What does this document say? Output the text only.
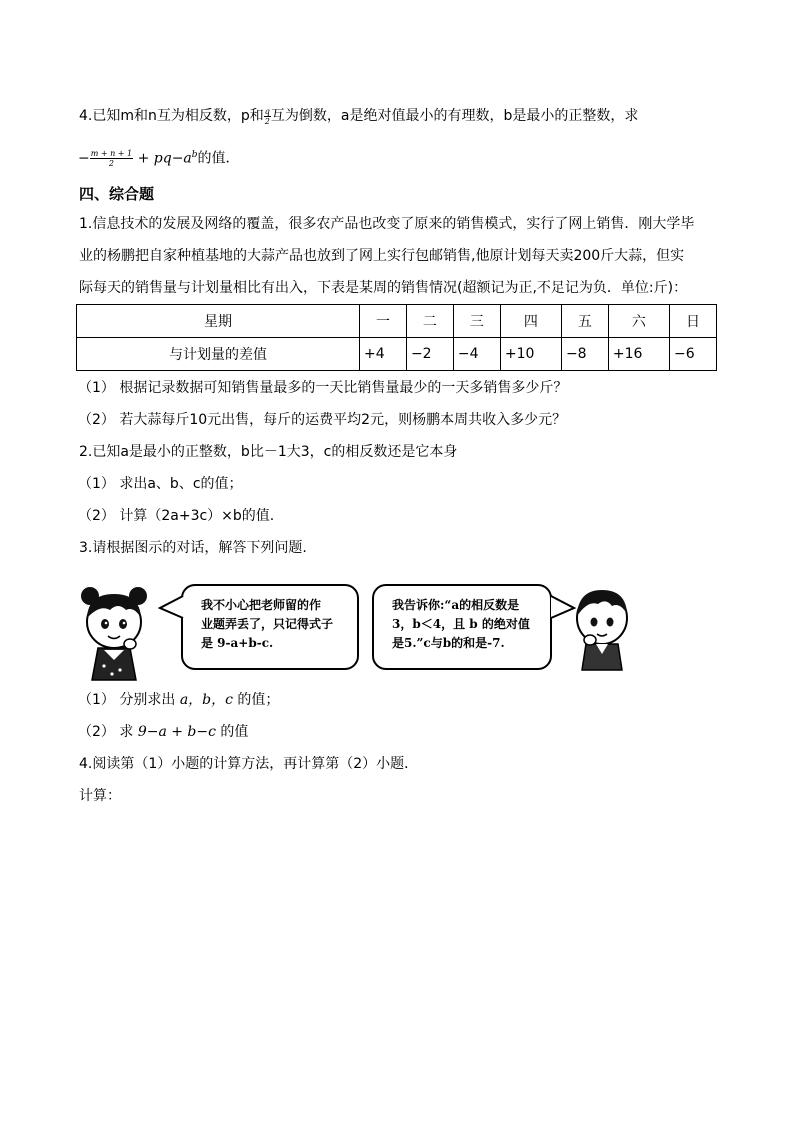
4.已知m和n互为相反数，p和 $\frac{q}{2}$ 互为倒数，a是绝对值最小的有理数，b是最小的正整数，求
− $\frac{m + n + 1}{2} + pq-a^b$的值．
四、综合题
1.信息技术的发展及网络的覆盖，很多农产品也改变了原来的销售模式，实行了网上销售．刚大学毕
业的杨鹏把自家种植基地的大蒜产品也放到了网上实行包邮销售,他原计划每天卖200斤大蒜，但实
际每天的销售量与计划量相比有出入，下表是某周的销售情况(超额记为正,不足记为负．单位:斤)：
星期	一	二	三	四	五	六	日
与计划量的差值	+4	−2	−4	+10	−8	+16	−6
（1） 根据记录数据可知销售量最多的一天比销售量最少的一天多销售多少斤？
（2） 若大蒜每斤10元出售，每斤的运费平均2元，则杨鹏本周共收入多少元？
2.已知a是最小的正整数，b比－1大3，c的相反数还是它本身
（1） 求出a、b、c的值；
（2） 计算（2a+3c）×b的值.
3.请根据图示的对话，解答下列问题.
我不小心把老师留的作
业题弄丢了，只记得式子
是 9-a+b-c.
我告诉你:“a的相反数是
3，b＜4，且 b 的绝对值
是5.”c与b的和是-7.
（1） 分别求出 a，b，c 的值；
（2） 求 9−a + b−c 的值
4.阅读第（1）小题的计算方法，再计算第（2）小题．
计算：
